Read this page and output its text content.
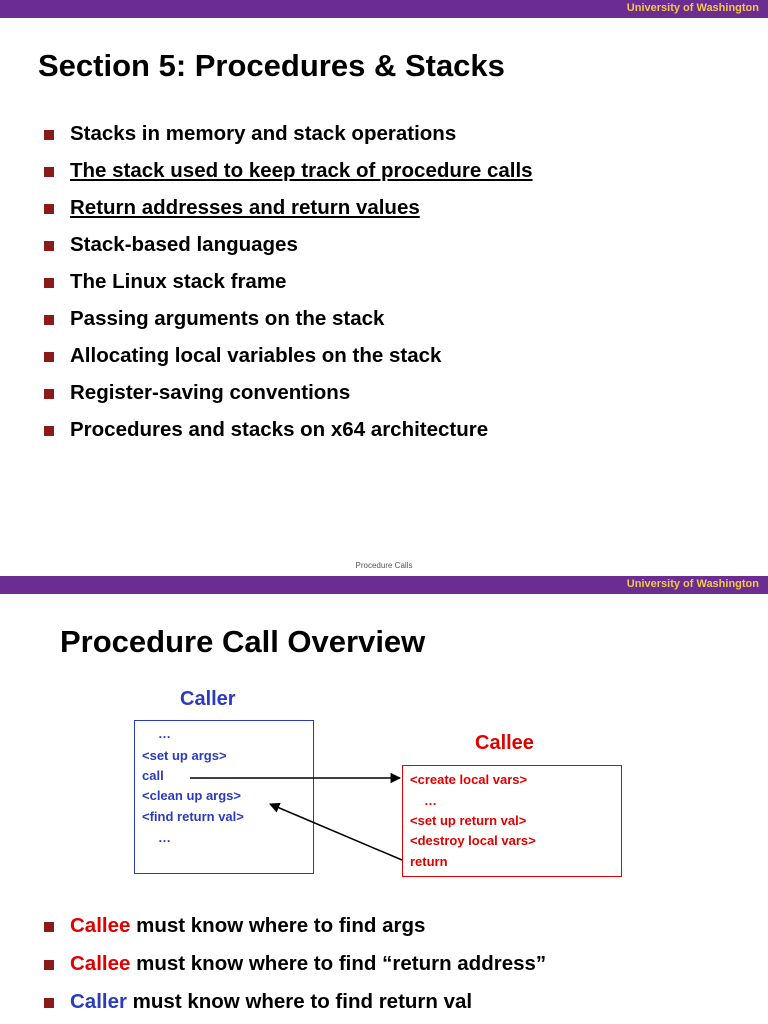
University of Washington
Section 5: Procedures & Stacks
Stacks in memory and stack operations
The stack used to keep track of procedure calls
Return addresses and return values
Stack-based languages
The Linux stack frame
Passing arguments on the stack
Allocating local variables on the stack
Register-saving conventions
Procedures and stacks on x64 architecture
Procedure Calls
University of Washington
Procedure Call Overview
Caller
Callee
…
<set up args>
call
<clean up args>
<find return val>
…
<create local vars>
…
<set up return val>
<destroy local vars>
return
Callee must know where to find args
Callee must know where to find “return address”
Caller must know where to find return val
